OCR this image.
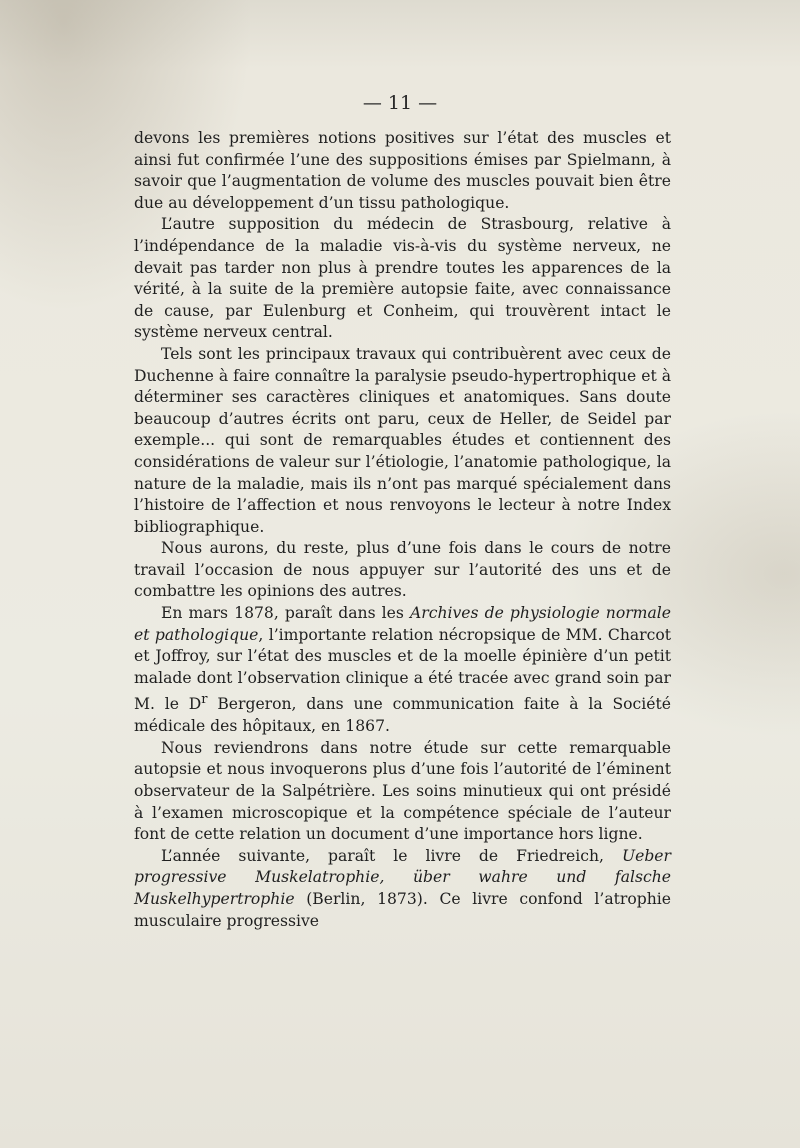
— 11 —

devons les premières notions positives sur l’état des muscles et ainsi fut confirmée l’une des suppositions émises par Spielmann, à savoir que l’augmentation de volume des muscles pouvait bien être due au développement d’un tissu pathologique.

L’autre supposition du médecin de Strasbourg, relative à l’indépendance de la maladie vis-à-vis du système nerveux, ne devait pas tarder non plus à prendre toutes les apparences de la vérité, à la suite de la première autopsie faite, avec connaissance de cause, par Eulenburg et Conheim, qui trouvèrent intact le système nerveux central.

Tels sont les principaux travaux qui contribuèrent avec ceux de Duchenne à faire connaître la paralysie pseudo-hypertrophique et à déterminer ses caractères cliniques et anatomiques. Sans doute beaucoup d’autres écrits ont paru, ceux de Heller, de Seidel par exemple... qui sont de remarquables études et contiennent des considérations de valeur sur l’étiologie, l’anatomie pathologique, la nature de la maladie, mais ils n’ont pas marqué spécialement dans l’histoire de l’affection et nous renvoyons le lecteur à notre Index bibliographique.

Nous aurons, du reste, plus d’une fois dans le cours de notre travail l’occasion de nous appuyer sur l’autorité des uns et de combattre les opinions des autres.

En mars 1878, paraît dans les Archives de physiologie normale et pathologique, l’importante relation nécropsique de MM. Charcot et Joffroy, sur l’état des muscles et de la moelle épinière d’un petit malade dont l’observation clinique a été tracée avec grand soin par M. le $D^r$ Bergeron, dans une communication faite à la Société médicale des hôpitaux, en 1867.

Nous reviendrons dans notre étude sur cette remarquable autopsie et nous invoquerons plus d’une fois l’autorité de l’éminent observateur de la Salpétrière. Les soins minutieux qui ont présidé à l’examen microscopique et la compétence spéciale de l’auteur font de cette relation un document d’une importance hors ligne.

L’année suivante, paraît le livre de Friedreich, Ueber progressive Muskelatrophie, über wahre und falsche Muskelhypertrophie (Berlin, 1873). Ce livre confond l’atrophie musculaire progressive
